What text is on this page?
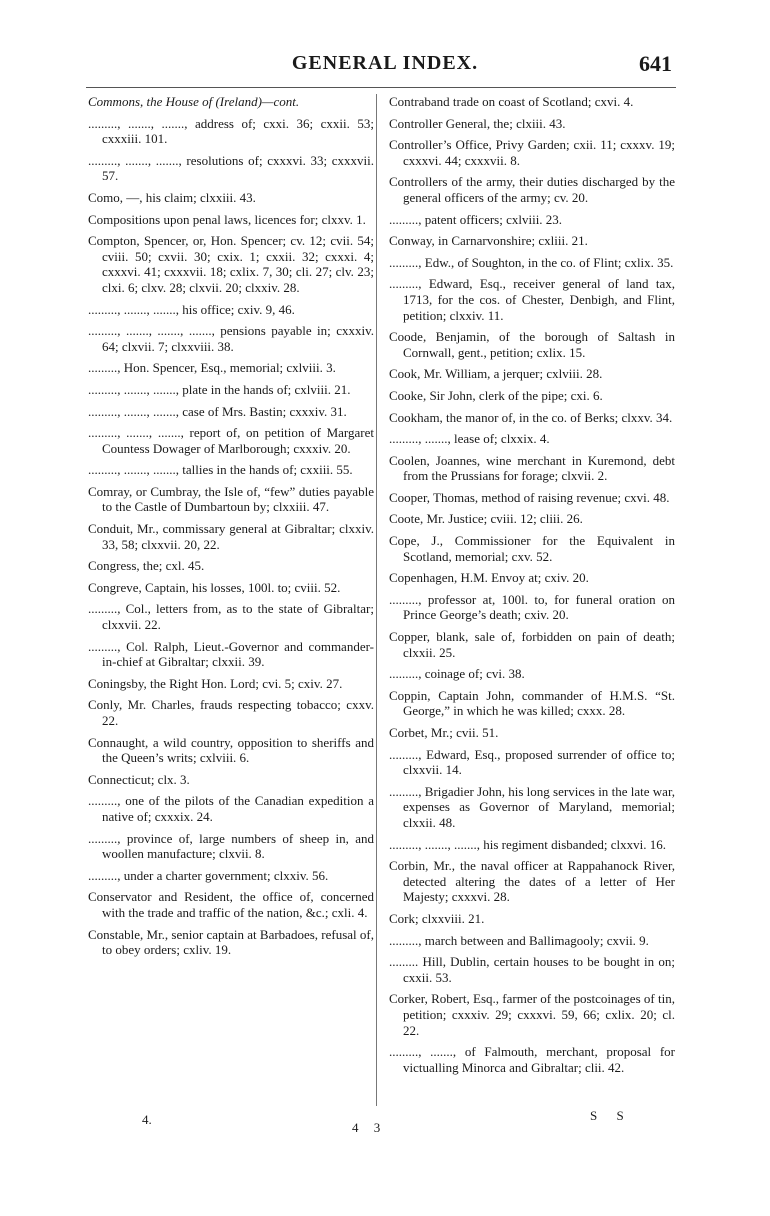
GENERAL INDEX.	641

Commons, the House of (Ireland)—cont.

........., ......., ......., address of; cxxi. 36; cxxii. 53; cxxxiii. 101.

........., ......., ......., resolutions of; cxxxvi. 33; cxxxvii. 57.

Como, —, his claim; clxxiii. 43.

Compositions upon penal laws, licences for; clxxv. 1.

Compton, Spencer, or, Hon. Spencer; cv. 12; cvii. 54; cviii. 50; cxvii. 30; cxix. 1; cxxii. 32; cxxxi. 4; cxxxvi. 41; cxxxvii. 18; cxlix. 7, 30; cli. 27; clv. 23; clxi. 6; clxv. 28; clxvii. 20; clxxiv. 28.

........., ......., ......., his office; cxiv. 9, 46.

........., ......., ......., ......., pensions payable in; cxxxiv. 64; clxvii. 7; clxxviii. 38.

........., Hon. Spencer, Esq., memorial; cxlviii. 3.

........., ......., ......., plate in the hands of; cxlviii. 21.

........., ......., ......., case of Mrs. Bastin; cxxxiv. 31.

........., ......., ......., report of, on petition of Margaret Countess Dowager of Marlborough; cxxxiv. 20.

........., ......., ......., tallies in the hands of; cxxiii. 55.

Comray, or Cumbray, the Isle of, “few” duties payable to the Castle of Dumbartoun by; clxxiii. 47.

Conduit, Mr., commissary general at Gibraltar; clxxiv. 33, 58; clxxvii. 20, 22.

Congress, the; cxl. 45.

Congreve, Captain, his losses, 100l. to; cviii. 52.

........., Col., letters from, as to the state of Gibraltar; clxxvii. 22.

........., Col. Ralph, Lieut.-Governor and commander-in-chief at Gibraltar; clxxii. 39.

Coningsby, the Right Hon. Lord; cvi. 5; cxiv. 27.

Conly, Mr. Charles, frauds respecting tobacco; cxxv. 22.

Connaught, a wild country, opposition to sheriffs and the Queen’s writs; cxlviii. 6.

Connecticut; clx. 3.

........., one of the pilots of the Canadian expedition a native of; cxxxix. 24.

........., province of, large numbers of sheep in, and woollen manufacture; clxvii. 8.

........., under a charter government; clxxiv. 56.

Conservator and Resident, the office of, concerned with the trade and traffic of the nation, &c.; cxli. 4.

Constable, Mr., senior captain at Barbadoes, refusal of, to obey orders; cxliv. 19.

Contraband trade on coast of Scotland; cxvi. 4.

Controller General, the; clxiii. 43.

Controller’s Office, Privy Garden; cxii. 11; cxxxv. 19; cxxxvi. 44; cxxxvii. 8.

Controllers of the army, their duties discharged by the general officers of the army; cv. 20.

........., patent officers; cxlviii. 23.

Conway, in Carnarvonshire; cxliii. 21.

........., Edw., of Soughton, in the co. of Flint; cxlix. 35.

........., Edward, Esq., receiver general of land tax, 1713, for the cos. of Chester, Denbigh, and Flint, petition; clxxiv. 11.

Coode, Benjamin, of the borough of Saltash in Cornwall, gent., petition; cxlix. 15.

Cook, Mr. William, a jerquer; cxlviii. 28.

Cooke, Sir John, clerk of the pipe; cxi. 6.

Cookham, the manor of, in the co. of Berks; clxxv. 34.

........., ......., lease of; clxxix. 4.

Coolen, Joannes, wine merchant in Kuremond, debt from the Prussians for forage; clxvii. 2.

Cooper, Thomas, method of raising revenue; cxvi. 48.

Coote, Mr. Justice; cviii. 12; cliii. 26.

Cope, J., Commissioner for the Equivalent in Scotland, memorial; cxv. 52.

Copenhagen, H.M. Envoy at; cxiv. 20.

........., professor at, 100l. to, for funeral oration on Prince George’s death; cxiv. 20.

Copper, blank, sale of, forbidden on pain of death; clxxii. 25.

........., coinage of; cvi. 38.

Coppin, Captain John, commander of H.M.S. “St. George,” in which he was killed; cxxx. 28.

Corbet, Mr.; cvii. 51.

........., Edward, Esq., proposed surrender of office to; clxxvii. 14.

........., Brigadier John, his long services in the late war, expenses as Governor of Maryland, memorial; clxxii. 48.

........., ......., ......., his regiment disbanded; clxxvi. 16.

Corbin, Mr., the naval officer at Rappahanock River, detected altering the dates of a letter of Her Majesty; cxxxvi. 28.

Cork; clxxviii. 21.

........., march between and Ballimagooly; cxvii. 9.

......... Hill, Dublin, certain houses to be bought in on; cxxii. 53.

Corker, Robert, Esq., farmer of the postcoinages of tin, petition; cxxxiv. 29; cxxxvi. 59, 66; cxlix. 20; cl. 22.

........., ......., of Falmouth, merchant, proposal for victualling Minorca and Gibraltar; clii. 42.

4.
4 3
S S
